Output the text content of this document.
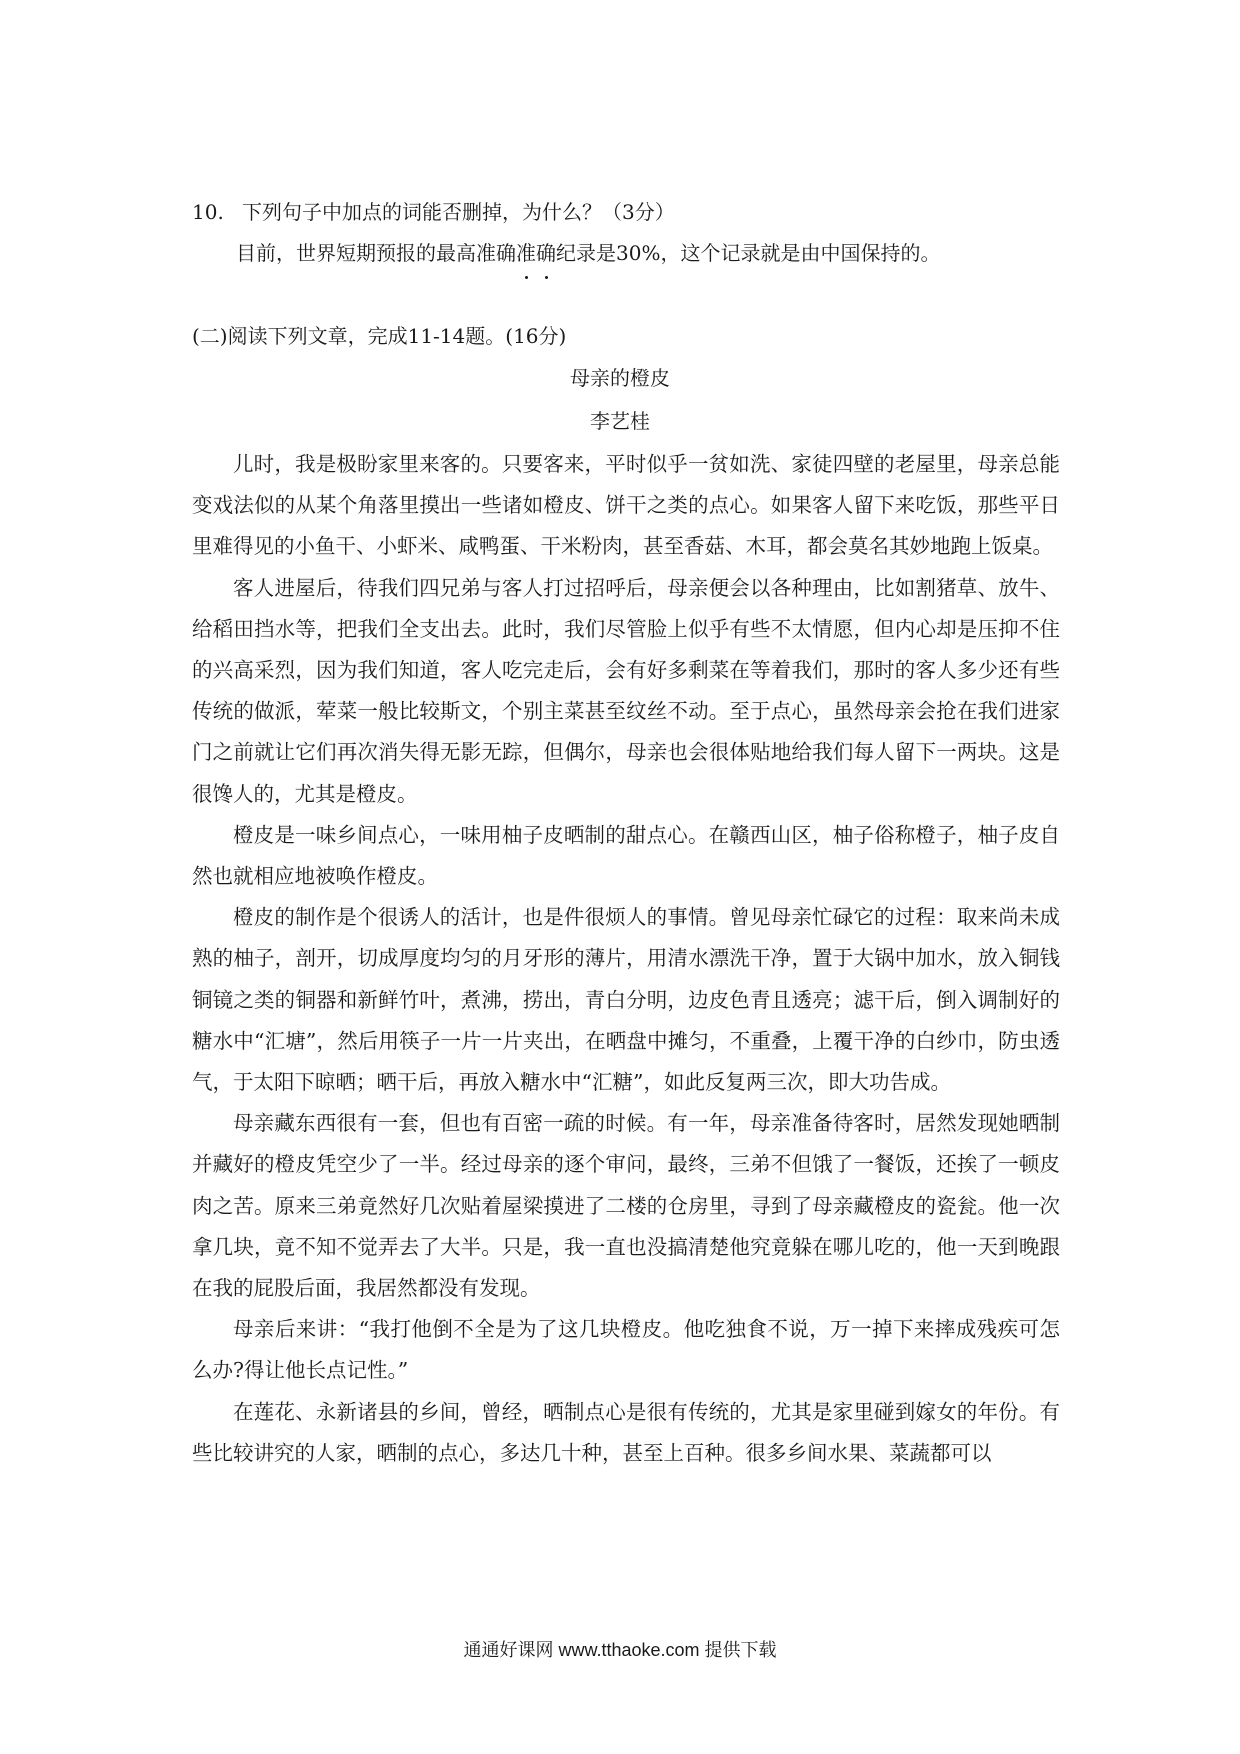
10. 下列句子中加点的词能否删掉，为什么？（3分）
目前，世界短期预报的最高准确准确纪录是30%，这个记录就是由中国保持的。
(二)阅读下列文章，完成11-14题。(16分)
母亲的橙皮
李艺桂

儿时，我是极盼家里来客的。只要客来，平时似乎一贫如洗、家徒四壁的老屋里，母亲总能变戏法似的从某个角落里摸出一些诸如橙皮、饼干之类的点心。如果客人留下来吃饭，那些平日里难得见的小鱼干、小虾米、咸鸭蛋、干米粉肉，甚至香菇、木耳，都会莫名其妙地跑上饭桌。

客人进屋后，待我们四兄弟与客人打过招呼后，母亲便会以各种理由，比如割猪草、放牛、给稻田挡水等，把我们全支出去。此时，我们尽管脸上似乎有些不太情愿，但内心却是压抑不住的兴高采烈，因为我们知道，客人吃完走后，会有好多剩菜在等着我们，那时的客人多少还有些传统的做派，荤菜一般比较斯文，个别主菜甚至纹丝不动。至于点心，虽然母亲会抢在我们进家门之前就让它们再次消失得无影无踪，但偶尔，母亲也会很体贴地给我们每人留下一两块。这是很馋人的，尤其是橙皮。

橙皮是一味乡间点心，一味用柚子皮晒制的甜点心。在赣西山区，柚子俗称橙子，柚子皮自然也就相应地被唤作橙皮。

橙皮的制作是个很诱人的活计，也是件很烦人的事情。曾见母亲忙碌它的过程：取来尚未成熟的柚子，剖开，切成厚度均匀的月牙形的薄片，用清水漂洗干净，置于大锅中加水，放入铜钱铜镜之类的铜器和新鲜竹叶，煮沸，捞出，青白分明，边皮色青且透亮；滤干后，倒入调制好的糖水中“汇塘”，然后用筷子一片一片夹出，在晒盘中摊匀，不重叠，上覆干净的白纱巾，防虫透气，于太阳下晾晒；晒干后，再放入糖水中“汇糖”，如此反复两三次，即大功告成。

母亲藏东西很有一套，但也有百密一疏的时候。有一年，母亲准备待客时，居然发现她晒制并藏好的橙皮凭空少了一半。经过母亲的逐个审问，最终，三弟不但饿了一餐饭，还挨了一顿皮肉之苦。原来三弟竟然好几次贴着屋梁摸进了二楼的仓房里，寻到了母亲藏橙皮的瓷瓮。他一次拿几块，竟不知不觉弄去了大半。只是，我一直也没搞清楚他究竟躲在哪儿吃的，他一天到晚跟在我的屁股后面，我居然都没有发现。

母亲后来讲：“我打他倒不全是为了这几块橙皮。他吃独食不说，万一掉下来摔成残疾可怎么办?得让他长点记性。”

在莲花、永新诸县的乡间，曾经，晒制点心是很有传统的，尤其是家里碰到嫁女的年份。有些比较讲究的人家，晒制的点心，多达几十种，甚至上百种。很多乡间水果、菜蔬都可以

通通好课网 www.tthaoke.com 提供下载
